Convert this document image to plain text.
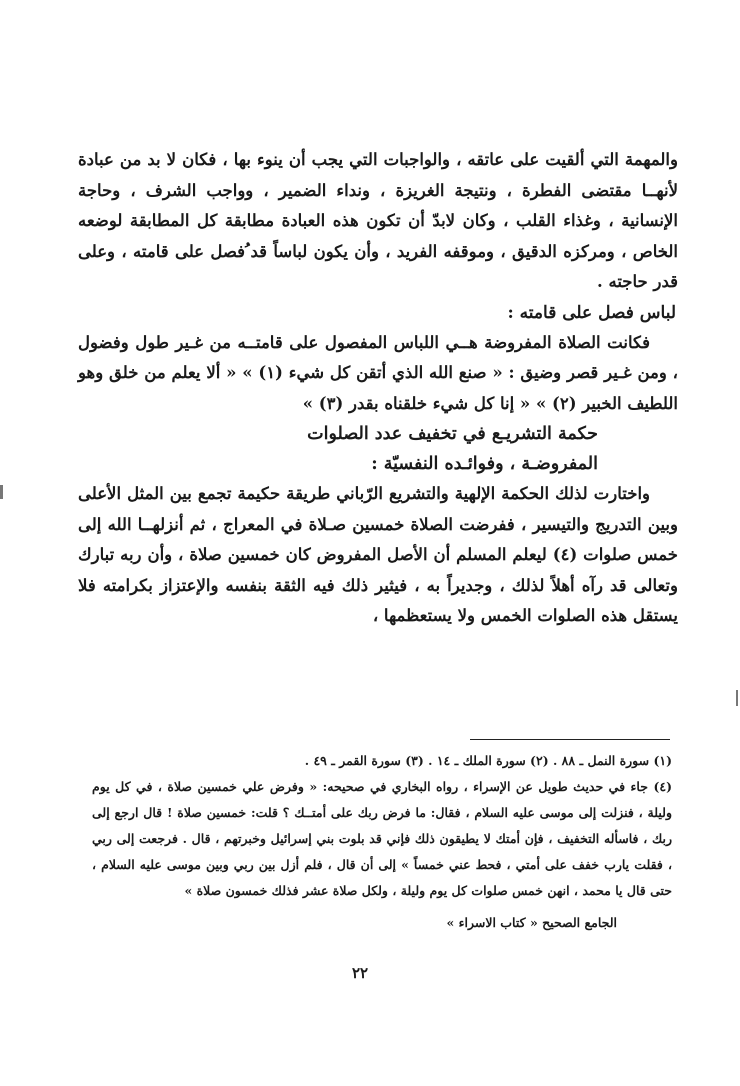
والمهمة التي ألقيت على عاتقه ، والواجبات التي يجب أن ينوء بها ، فكان لا بد من عبادة لأنهــا مقتضى الفطرة ، ونتيجة الغريزة ، ونداء الضمير ، وواجب الشرف ، وحاجة الإنسانية ، وغذاء القلب ، وكان لابدّ أن تكون هذه العبادة مطابقة كل المطابقة لوضعه الخاص ، ومركزه الدقيق ، وموقفه الفريد ، وأن يكون لباساً قد ُفصل على قامته ، وعلى قدر حاجته .

لباس فصل على قامته :

فكانت الصلاة المفروضة هــي اللباس المفصول على قامتــه من غـير طول وفضول ، ومن غـير قصر وضيق : « صنع الله الذي أتقن كل شيء (١) » « ألا يعلم من خلق وهو اللطيف الخبير (٢) » « إنا كل شيء خلقناه بقدر (٣) »

حكمة التشريـع في تخفيف عدد الصلوات

المفروضـة ، وفوائـده النفسيّة :

واختارت لذلك الحكمة الإلهية والتشريع الرّباني طريقة حكيمة تجمع بين المثل الأعلى وبين التدريج والتيسير ، ففرضت الصلاة خمسين صـلاة في المعراج ، ثم أنزلهــا الله إلى خمس صلوات (٤) ليعلم المسلم أن الأصل المفروض كان خمسين صلاة ، وأن ربه تبارك وتعالى قد رآه أهلاً لذلك ، وجديراً به ، فيثير ذلك فيه الثقة بنفسه والإعتزاز بكرامته فلا يستقل هذه الصلوات الخمس ولا يستعظمها ،

(١) سورة النمل ـ ٨٨ . (٢) سورة الملك ـ ١٤ . (٣) سورة القمر ـ ٤٩ .

(٤) جاء في حديث طويل عن الإسراء ، رواه البخاري في صحيحه: « وفرض علي خمسين صلاة ، في كل يوم وليلة ، فنزلت إلى موسى عليه السلام ، فقال: ما فرض ربك على أمتــك ؟ قلت: خمسين صلاة ! قال ارجع إلى ربك ، فاسأله التخفيف ، فإن أمتك لا يطيقون ذلك فإني قد بلوت بني إسرائيل وخبرتهم ، قال . فرجعت إلى ربي ، فقلت يارب خفف على أمتي ، فحط عني خمساً » إلى أن قال ، فلم أزل بين ربي وبين موسى عليه السلام ، حتى قال يا محمد ، انهن خمس صلوات كل يوم وليلة ، ولكل صلاة عشر فذلك خمسون صلاة »

الجامع الصحيح « كتاب الاسراء »

٢٢
